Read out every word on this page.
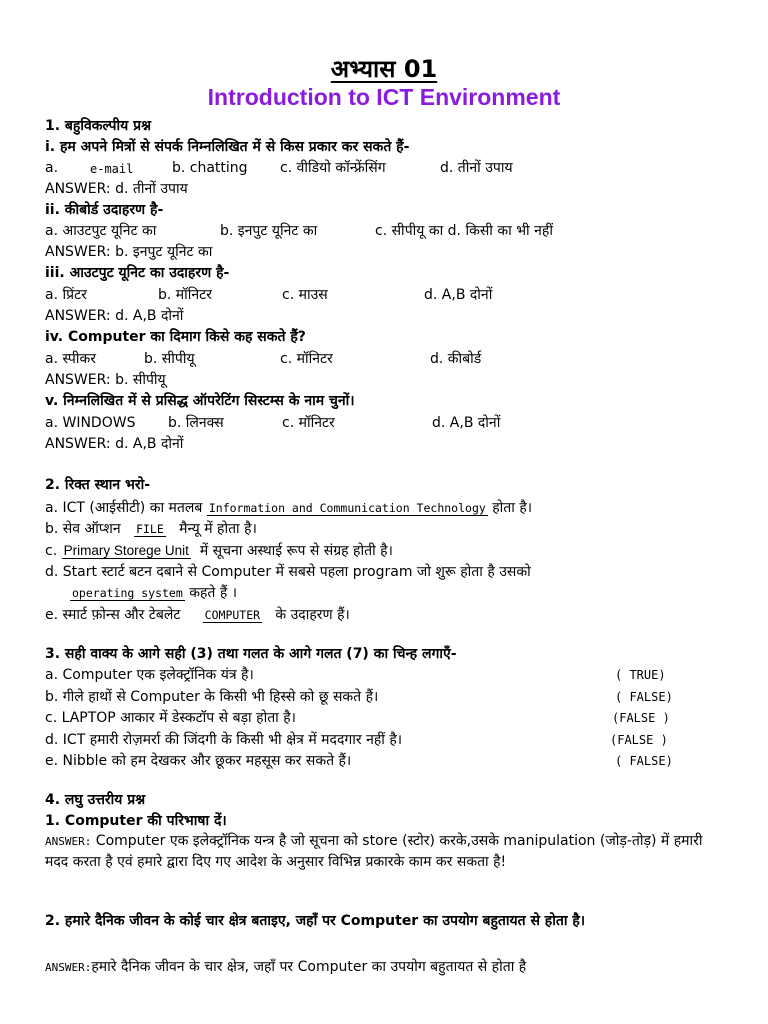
अभ्यास 01
Introduction to ICT Environment
1. बहुविकल्पीय प्रश्न
i. हम अपने मित्रों से संपर्क निम्नलिखित में से किस प्रकार कर सकते हैं-
a.	e-mail	b. chatting c. वीडियो कॉन्फ्रेंसिंग	d. तीनों उपाय
ANSWER: d. तीनों उपाय
ii. कीबोर्ड उदाहरण है-
a. आउटपुट यूनिट का	b. इनपुट यूनिट का	c. सीपीयू का d. किसी का भी नहीं
ANSWER: b. इनपुट यूनिट का
iii. आउटपुट यूनिट का उदाहरण है-
a. प्रिंटर	b. मॉनिटर	c. माउस	d. A,B दोनों
ANSWER: d. A,B दोनों
iv. Computer का दिमाग किसे कह सकते हैं?
a. स्पीकर	b. सीपीयू	c. मॉनिटर	d. कीबोर्ड
ANSWER: b. सीपीयू
v. निम्नलिखित में से प्रसिद्ध ऑपरेटिंग सिस्टम्स के नाम चुनों।
a. WINDOWS b. लिनक्स	c. मॉनिटर	d. A,B दोनों
ANSWER: d. A,B दोनों
2. रिक्त स्थान भरो-
a. ICT (आईसीटी) का मतलब Information and Communication Technology होता है।
b. सेव ऑप्शन FILE मैन्यू में होता है।
c. Primary Storege Unit में सूचना अस्थाई रूप से संग्रह होती है।
d. Start स्टार्ट बटन दबाने से Computer में सबसे पहला program जो शुरू होता है उसको
operating system कहते हैं ।
e. स्मार्ट फ़ोन्स और टेबलेट COMPUTER के उदाहरण हैं।
3. सही वाक्य के आगे सही (3) तथा गलत के आगे गलत (7) का चिन्ह लगाएँ-
a. Computer एक इलेक्ट्रॉनिक यंत्र है।	( TRUE)
b. गीले हाथों से Computer के किसी भी हिस्से को छू सकते हैं।	( FALSE)
c. LAPTOP आकार में डेस्कटॉप से बड़ा होता है।	(FALSE )
d. ICT हमारी रोज़मर्रा की जिंदगी के किसी भी क्षेत्र में मददगार नहीं है।	(FALSE )
e. Nibble को हम देखकर और छूकर महसूस कर सकते हैं।	( FALSE)
4. लघु उत्तरीय प्रश्न
1. Computer की परिभाषा दें।
ANSWER: Computer एक इलेक्ट्रॉनिक यन्त्र है जो सूचना को store (स्टोर) करके,उसके manipulation (जोड़-तोड़) में हमारी मदद करता है एवं हमारे द्वारा दिए गए आदेश के अनुसार विभिन्न प्रकारके काम कर सकता है!
2. हमारे दैनिक जीवन के कोई चार क्षेत्र बताइए, जहाँ पर Computer का उपयोग बहुतायत से होता है।
ANSWER:हमारे दैनिक जीवन के चार क्षेत्र, जहाँ पर Computer का उपयोग बहुतायत से होता है
